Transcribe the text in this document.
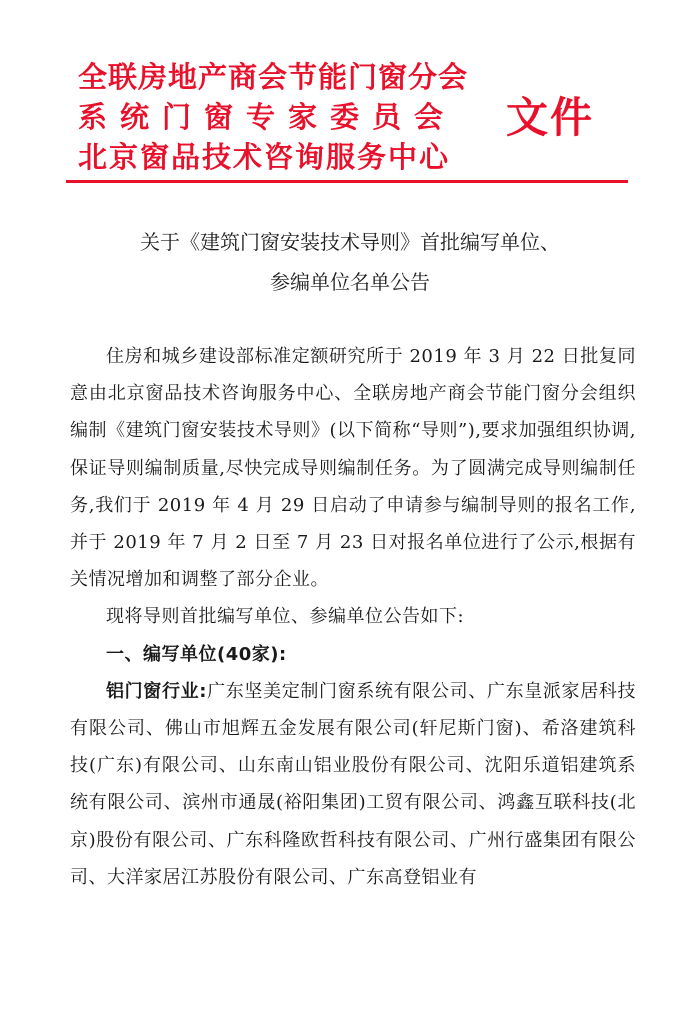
全联房地产商会节能门窗分会
系统门窗专家委员会
北京窗品技术咨询服务中心
文件
关于《建筑门窗安装技术导则》首批编写单位、
参编单位名单公告

住房和城乡建设部标准定额研究所于 2019 年 3 月 22 日批复同意由北京窗品技术咨询服务中心、全联房地产商会节能门窗分会组织编制《建筑门窗安装技术导则》(以下简称“导则”),要求加强组织协调,保证导则编制质量,尽快完成导则编制任务。为了圆满完成导则编制任务,我们于 2019 年 4 月 29 日启动了申请参与编制导则的报名工作,并于 2019 年 7 月 2 日至 7 月 23 日对报名单位进行了公示,根据有关情况增加和调整了部分企业。

现将导则首批编写单位、参编单位公告如下:

一、编写单位(40家):

铝门窗行业:广东坚美定制门窗系统有限公司、广东皇派家居科技有限公司、佛山市旭辉五金发展有限公司(轩尼斯门窗)、希洛建筑科技(广东)有限公司、山东南山铝业股份有限公司、沈阳乐道铝建筑系统有限公司、滨州市通晟(裕阳集团)工贸有限公司、鸿鑫互联科技(北京)股份有限公司、广东科隆欧哲科技有限公司、广州行盛集团有限公司、大洋家居江苏股份有限公司、广东高登铝业有
